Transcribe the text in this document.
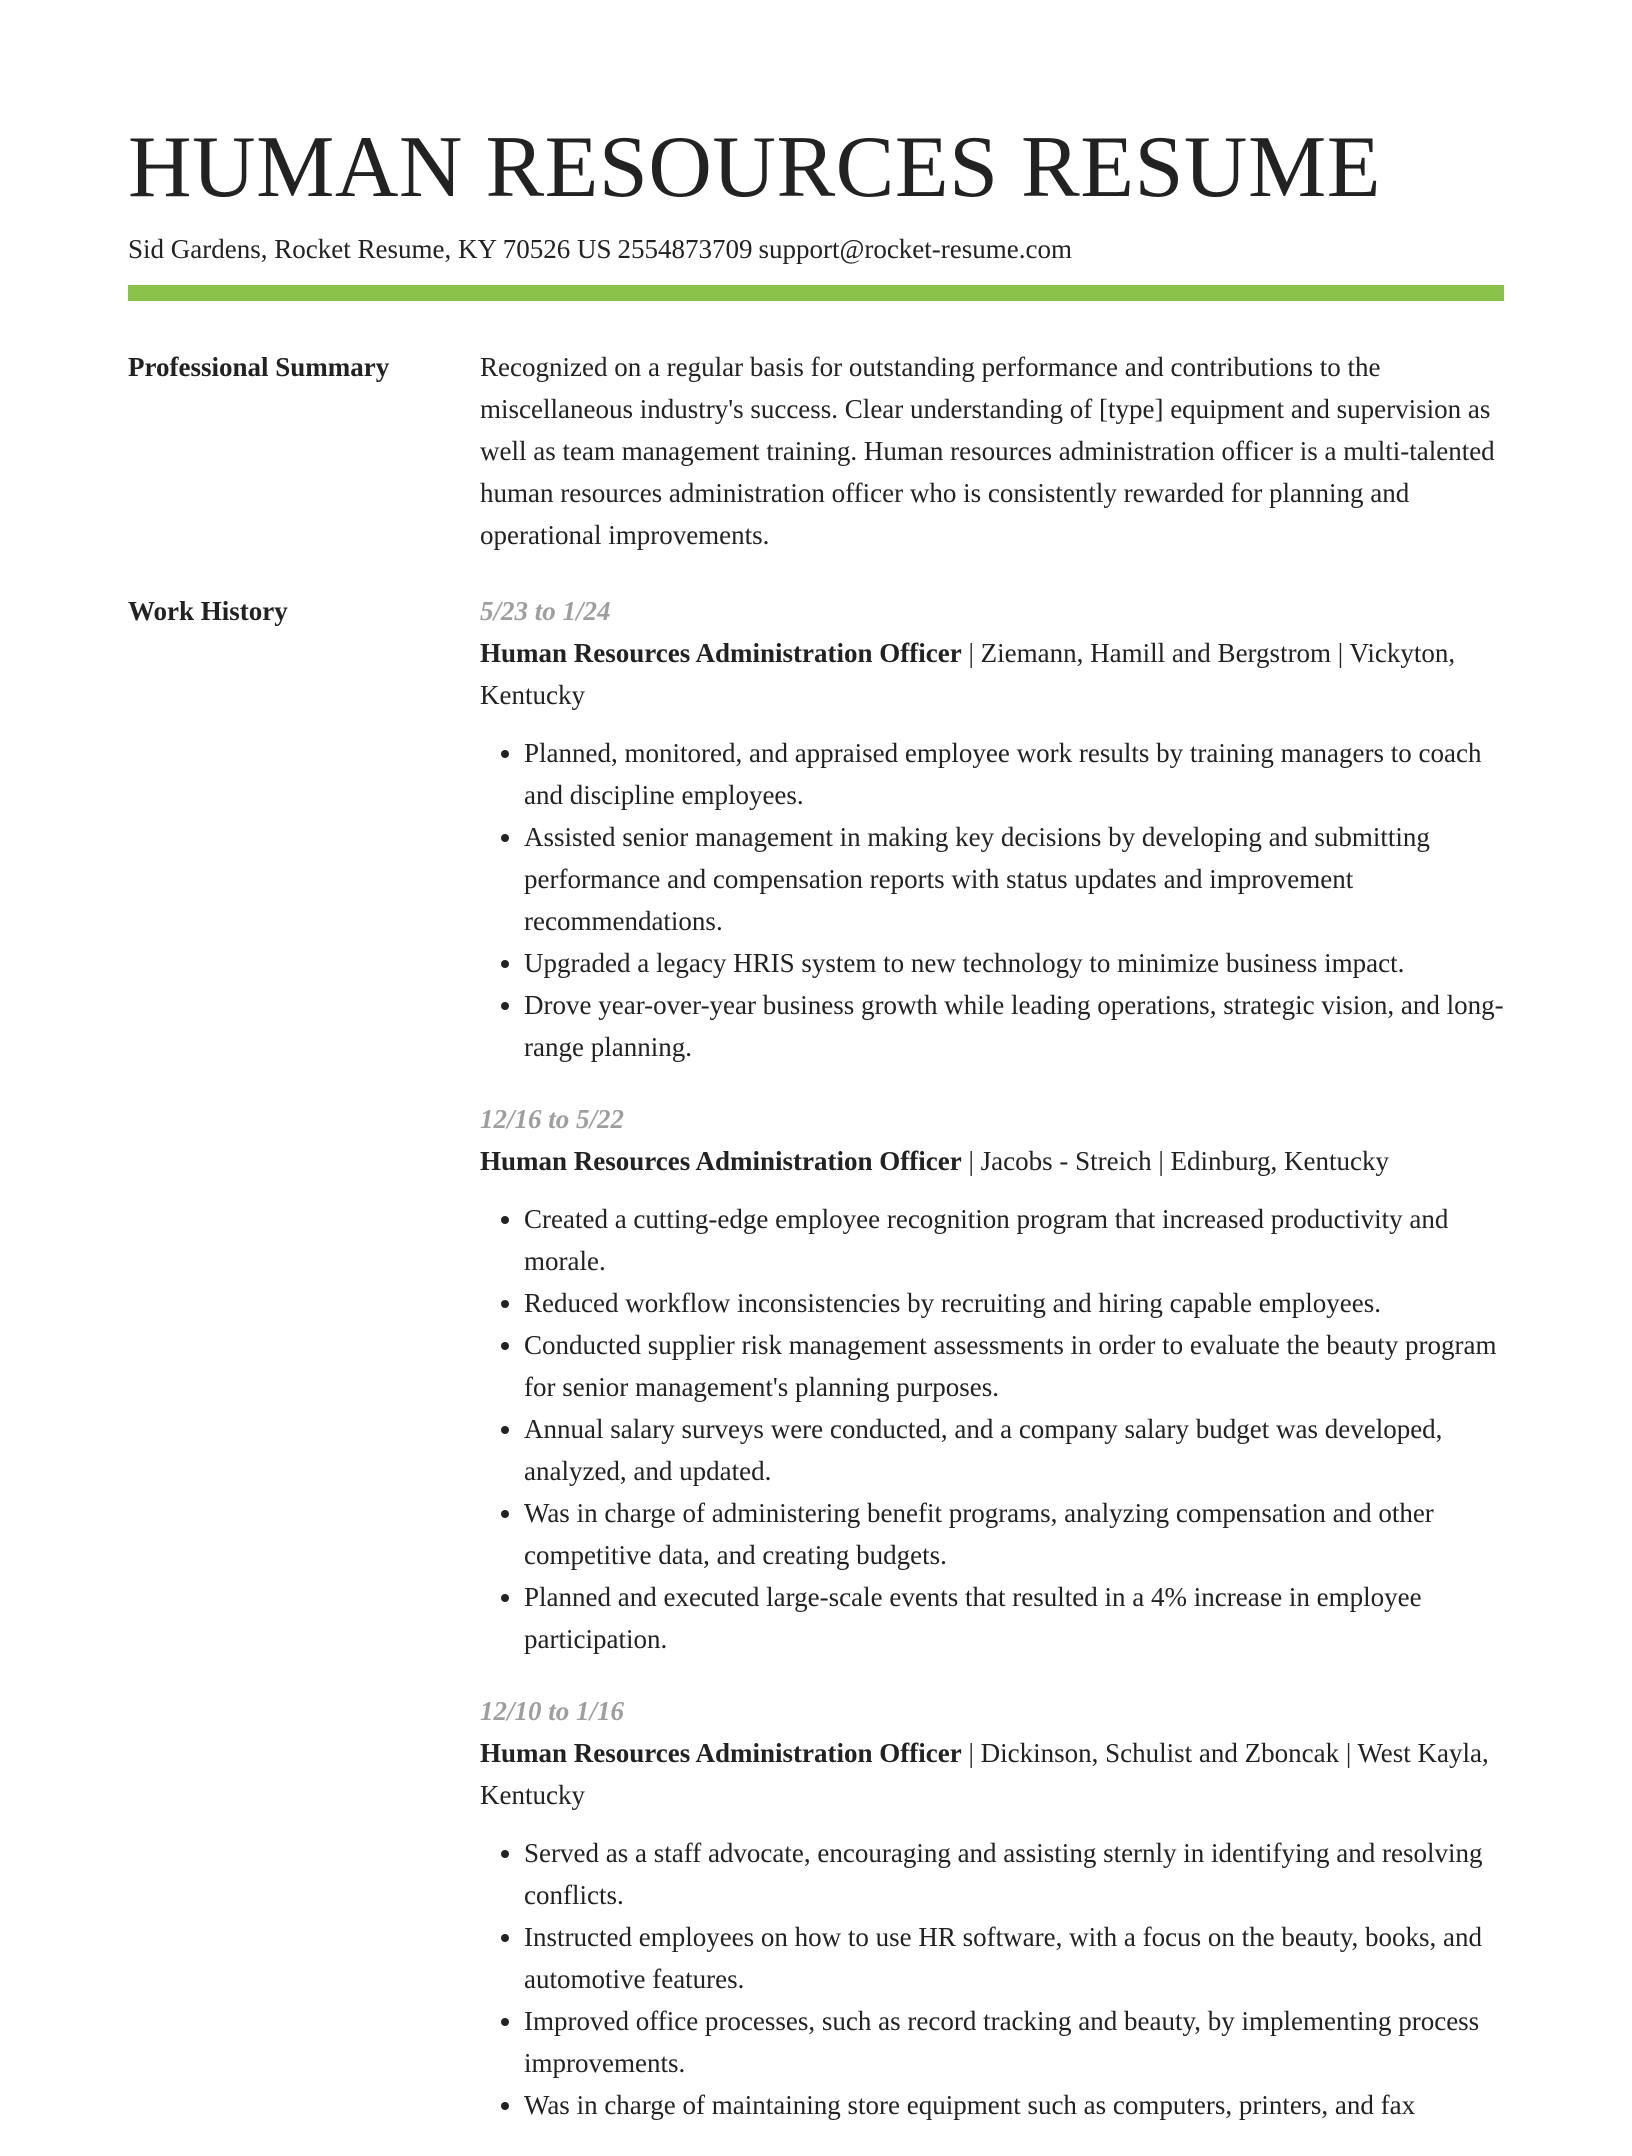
HUMAN RESOURCES RESUME
Sid Gardens, Rocket Resume, KY 70526 US 2554873709 support@rocket-resume.com
Professional Summary	Recognized on a regular basis for outstanding performance and contributions to the miscellaneous industry's success. Clear understanding of [type] equipment and supervision as well as team management training. Human resources administration officer is a multi-talented human resources administration officer who is consistently rewarded for planning and operational improvements.

Work History	5/23 to 1/24
Human Resources Administration Officer | Ziemann, Hamill and Bergstrom | Vickyton, Kentucky
• Planned, monitored, and appraised employee work results by training managers to coach and discipline employees.
• Assisted senior management in making key decisions by developing and submitting performance and compensation reports with status updates and improvement recommendations.
• Upgraded a legacy HRIS system to new technology to minimize business impact.
• Drove year-over-year business growth while leading operations, strategic vision, and long-range planning.
12/16 to 5/22
Human Resources Administration Officer | Jacobs - Streich | Edinburg, Kentucky
• Created a cutting-edge employee recognition program that increased productivity and morale.
• Reduced workflow inconsistencies by recruiting and hiring capable employees.
• Conducted supplier risk management assessments in order to evaluate the beauty program for senior management's planning purposes.
• Annual salary surveys were conducted, and a company salary budget was developed, analyzed, and updated.
• Was in charge of administering benefit programs, analyzing compensation and other competitive data, and creating budgets.
• Planned and executed large-scale events that resulted in a 4% increase in employee participation.
12/10 to 1/16
Human Resources Administration Officer | Dickinson, Schulist and Zboncak | West Kayla, Kentucky
• Served as a staff advocate, encouraging and assisting sternly in identifying and resolving conflicts.
• Instructed employees on how to use HR software, with a focus on the beauty, books, and automotive features.
• Improved office processes, such as record tracking and beauty, by implementing process improvements.
• Was in charge of maintaining store equipment such as computers, printers, and fax
